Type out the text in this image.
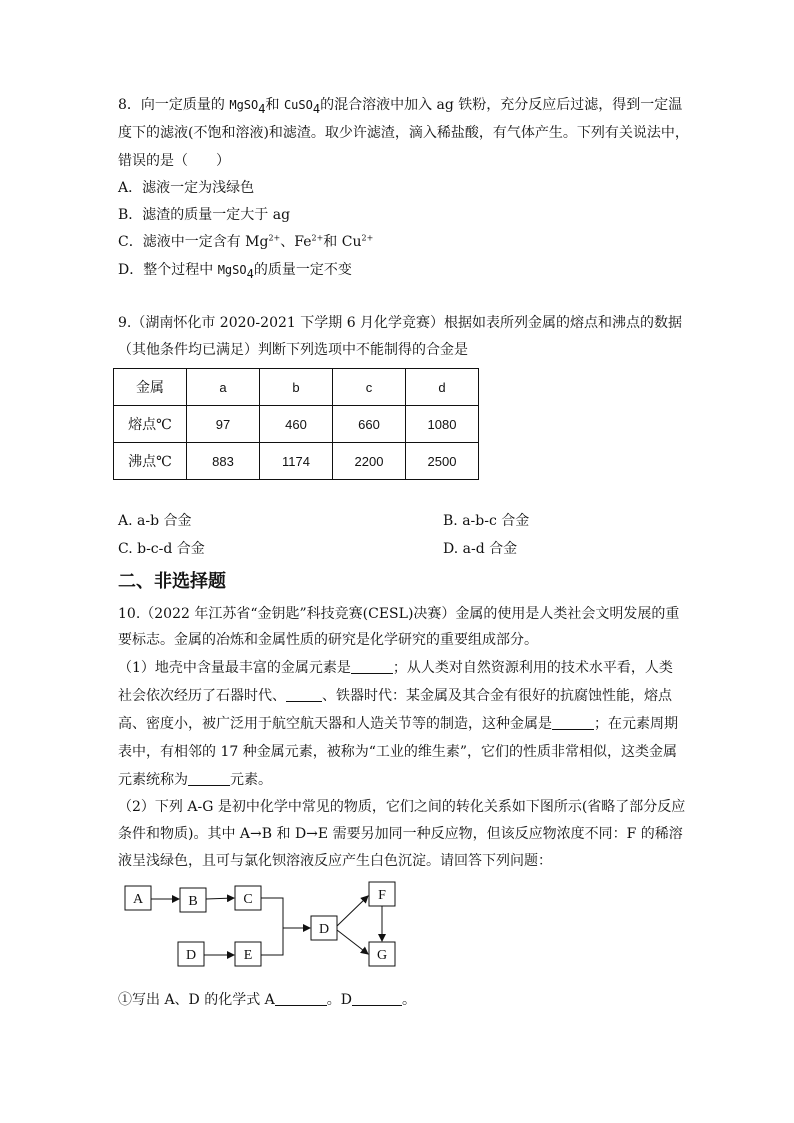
8．向一定质量的 MgSO$_4$和 CuSO$_4$的混合溶液中加入 ag 铁粉，充分反应后过滤，得到一定温
度下的滤液(不饱和溶液)和滤渣。取少许滤渣，滴入稀盐酸，有气体产生。下列有关说法中，
错误的是（　　）
A．滤液一定为浅绿色
B．滤渣的质量一定大于 ag
C．滤液中一定含有 $Mg^{2+}$、$Fe^{2+}$和 $Cu^{2+}$
D．整个过程中 MgSO$_4$的质量一定不变
9.（湖南怀化市 2020-2021 下学期 6 月化学竞赛）根据如表所列金属的熔点和沸点的数据
（其他条件均已满足）判断下列选项中不能制得的合金是
金属	a	b	c	d
熔点℃	97	460	660	1080
沸点℃	883	1174	2200	2500
A. a-b 合金	B. a-b-c 合金
C. b-c-d 合金	D. a-d 合金
二、非选择题
10.（2022 年江苏省“金钥匙”科技竞赛(CESL)决赛）金属的使用是人类社会文明发展的重
要标志。金属的冶炼和金属性质的研究是化学研究的重要组成部分。
（1）地壳中含量最丰富的金属元素是	；从人类对自然资源利用的技术水平看，人类
社会依次经历了石器时代、	、铁器时代：某金属及其合金有很好的抗腐蚀性能，熔点
高、密度小，被广泛用于航空航天器和人造关节等的制造，这种金属是	；在元素周期
表中，有相邻的 17 种金属元素，被称为“工业的维生素”，它们的性质非常相似，这类金属
元素统称为	元素。
（2）下列 A-G 是初中化学中常见的物质，它们之间的转化关系如下图所示(省略了部分反应
条件和物质)。其中 A→B 和 D→E 需要另加同一种反应物，但该反应物浓度不同：F 的稀溶
液呈浅绿色，且可与氯化钡溶液反应产生白色沉淀。请回答下列问题：
A	B	C
D	E
D
F
G
①写出 A、D 的化学式 A	。D	。
